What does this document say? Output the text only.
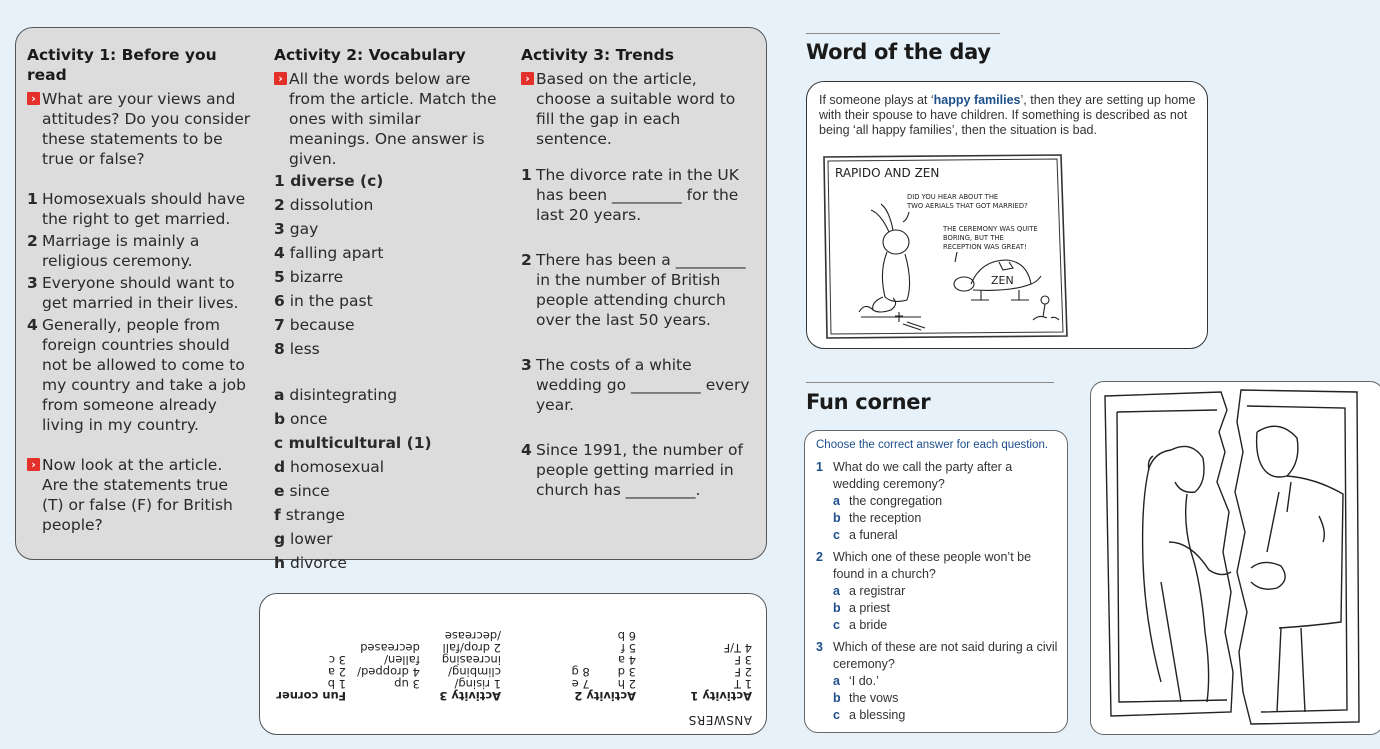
Activity 1: Before you read

› What are your views and attitudes? Do you consider these statements to be true or false?

1 Homosexuals should have the right to get married.

2 Marriage is mainly a religious ceremony.

3 Everyone should want to get married in their lives.

4 Generally, people from foreign countries should not be allowed to come to my country and take a job from someone already living in my country.

› Now look at the article. Are the statements true (T) or false (F) for British people?

Activity 2: Vocabulary

› All the words below are from the article. Match the ones with similar meanings. One answer is given.

1 diverse (c)

2 dissolution

3 gay

4 falling apart

5 bizarre

6 in the past

7 because

8 less

a disintegrating

b once

c multicultural (1)

d homosexual

e since

f strange

g lower

h divorce

Activity 3: Trends

› Based on the article, choose a suitable word to fill the gap in each sentence.

1 The divorce rate in the UK has been _________ for the last 20 years.

2 There has been a _________ in the number of British people attending church over the last 50 years.

3 The costs of a white wedding go _________ every year.

4 Since 1991, the number of people getting married in church has _________.

ANSWERS
Activity 1
1 T
2 F
3 F
4 T/F
Activity 2
2 h
3 d
4 a
5 f
6 b
7 e
8 g
Activity 3
1 rising/
climbing/
increasing
2 drop/fall
/decrease
3 up
4 dropped/
fallen/
decreased
Fun corner
1 b
2 a
3 c
Word of the day
If someone plays at ‘happy families’, then they are setting up home with their spouse to have children. If something is described as not being ‘all happy families’, then the situation is bad.
RAPIDO AND ZEN
DID YOU HEAR ABOUT THE
TWO AERIALS THAT GOT MARRIED?
THE CEREMONY WAS QUITE
BORING, BUT THE
RECEPTION WAS GREAT!
ZEN
Fun corner
Choose the correct answer for each question.
1 What do we call the party after a wedding ceremony?
a the congregation
b the reception
c a funeral
2 Which one of these people won’t be found in a church?
a a registrar
b a priest
c a bride
3 Which of these are not said during a civil ceremony?
a ‘I do.’
b the vows
c a blessing
